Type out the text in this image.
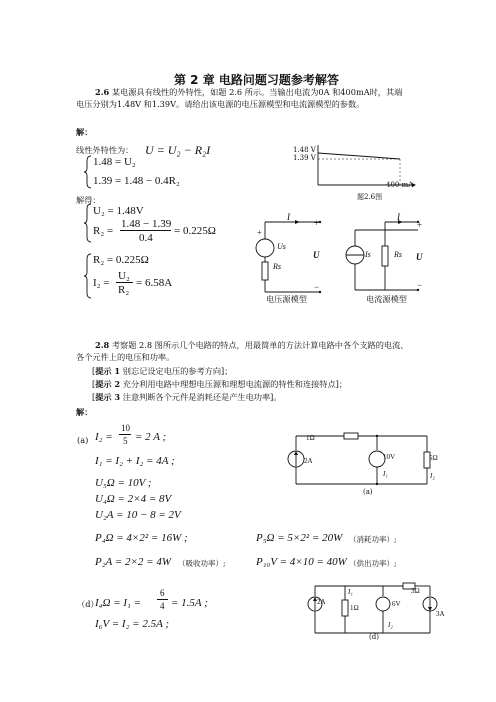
第 2 章 电路问题习题参考解答
2.6 某电源具有线性的外特性，如题 2.6 所示。当输出电流为0A 和400mA时，其端
电压分别为1.48V 和1.39V。请给出该电源的电压源模型和电流源模型的参数。
解：
线性外特性为： U = U₂ − R₂I
1.48 = U₂
1.39 = 1.48 − 0.4R₂
解得：
U₂ = 1.48V
R₂ =
1.48 − 1.39
0.4
= 0.225Ω
R₂ = 0.225Ω
I₂ =
U₂
R₂
= 6.58A
1.48 V
1.39 V
400 mA
题2.6图
I
+
+
Us
Rs
U
−
电压源模型
I
+
Is	Rs U
−
电流源模型
2.8 考察题 2.8 图所示几个电路的特点，用最简单的方法计算电路中各个支路的电流、
各个元件上的电压和功率。
[提示 1 别忘记设定电压的参考方向]；
[提示 2 充分利用电路中理想电压源和理想电流源的特性和连接特点]；
[提示 3 注意判断各个元件是消耗还是产生电功率]。
解：
(a) I₂ =
10
5 = 2 A ;
I₁ = I₂ + I₂ = 4A ;
U₅Ω = 10V ;
U₄Ω = 2×4 = 8V
U₂A = 10 − 8 = 2V
1Ω
2A	10V	5Ω
I₁	I₂
(a)
P₄Ω = 4×2² = 16W ;	P₅Ω = 5×2² = 20W （消耗功率）;
P₂A = 2×2 = 4W （吸收功率）;	P₁₀V = 4×10 = 40W （供出功率）;
（d）
I₄Ω = I₁ =
6
4 = 1.5A ;
I₆V = I₂ = 2.5A ;
2A
I₁
1Ω	6V
I₂
3Ω
3A
(d)
